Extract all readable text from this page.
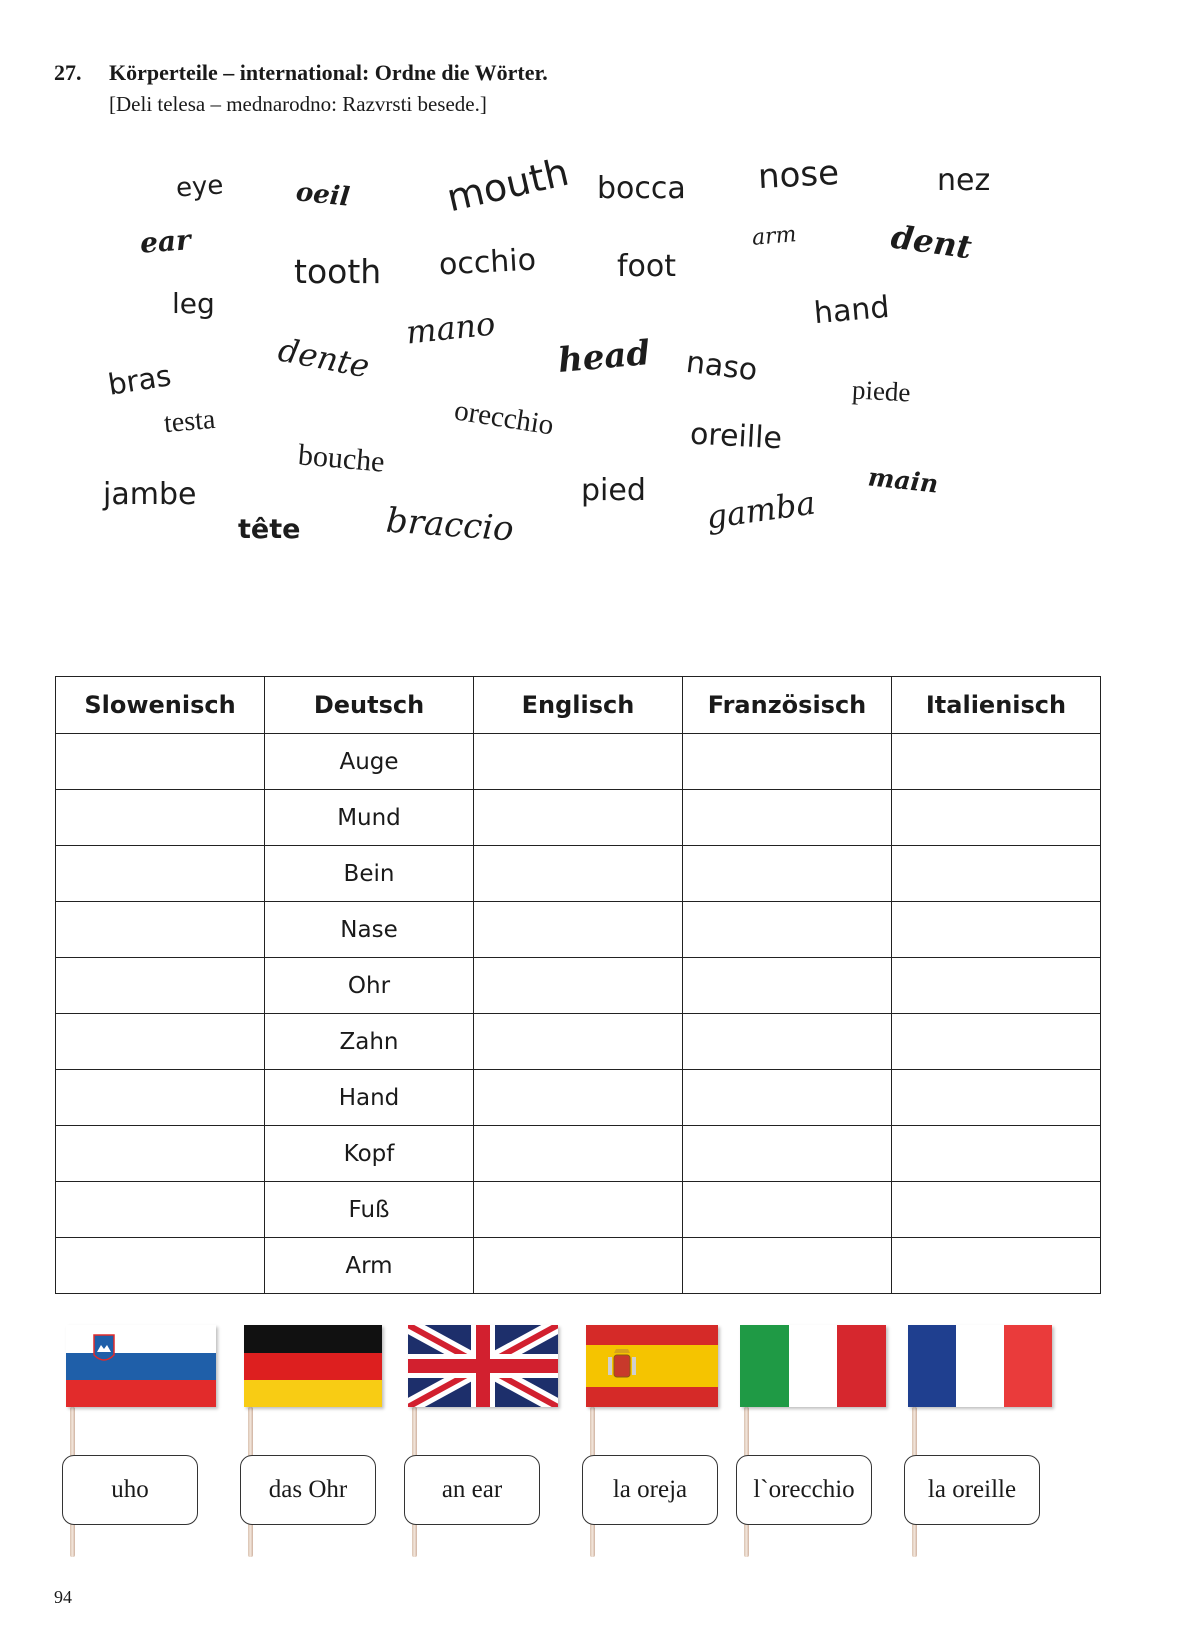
27. Körperteile – international: Ordne die Wörter.
[Deli telesa – mednarodno: Razvrsti besede.]
eye	oeil mouth bocca nose	nez
ear	arm	dent
tooth occhio	foot
leg	hand
mano
dente	head naso
bras	piede
testa	orecchio	oreille
bouche
jambe	main
pied gamba
tête braccio
Slowenisch	Deutsch	Englisch	Französisch	Italienisch
	Auge			
	Mund			
	Bein			
	Nase			
	Ohr			
	Zahn			
	Hand			
	Kopf			
	Fuß			
	Arm			
uho	das Ohr	an ear	la oreja	l`orecchio	la oreille
94
